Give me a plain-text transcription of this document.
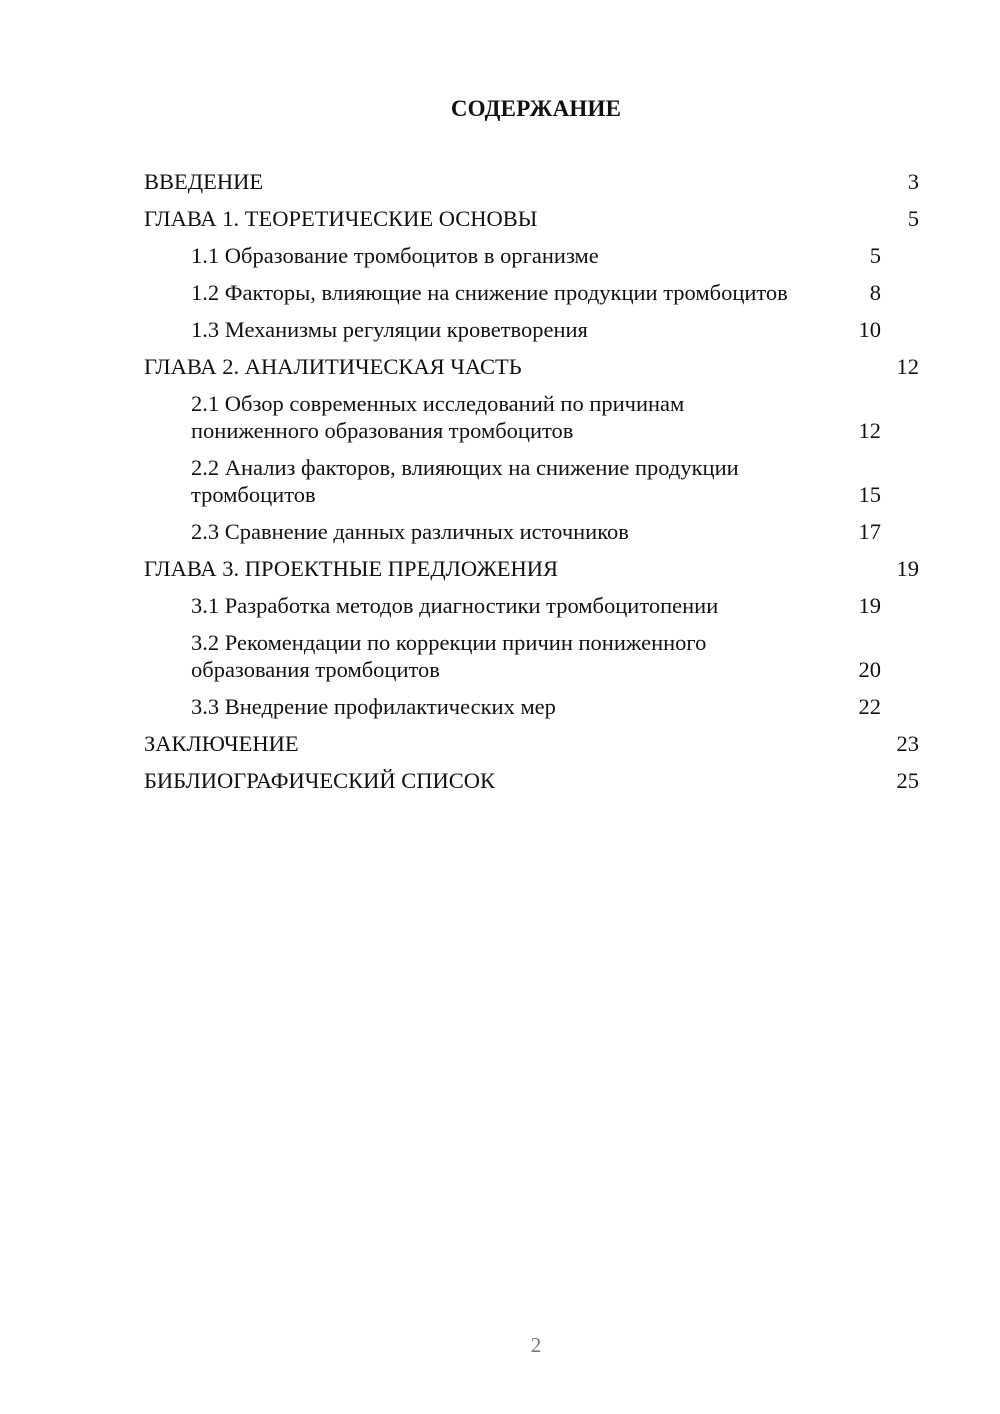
СОДЕРЖАНИЕ
ВВЕДЕНИЕ	3
ГЛАВА 1. ТЕОРЕТИЧЕСКИЕ ОСНОВЫ	5
1.1 Образование тромбоцитов в организме	5
1.2 Факторы, влияющие на снижение продукции тромбоцитов	8
1.3 Механизмы регуляции кроветворения	10
ГЛАВА 2. АНАЛИТИЧЕСКАЯ ЧАСТЬ	12
2.1 Обзор современных исследований по причинам пониженного образования тромбоцитов	12
2.2 Анализ факторов, влияющих на снижение продукции тромбоцитов	15
2.3 Сравнение данных различных источников	17
ГЛАВА 3. ПРОЕКТНЫЕ ПРЕДЛОЖЕНИЯ	19
3.1 Разработка методов диагностики тромбоцитопении	19
3.2 Рекомендации по коррекции причин пониженного образования тромбоцитов	20
3.3 Внедрение профилактических мер	22
ЗАКЛЮЧЕНИЕ	23
БИБЛИОГРАФИЧЕСКИЙ СПИСОК	25
2
